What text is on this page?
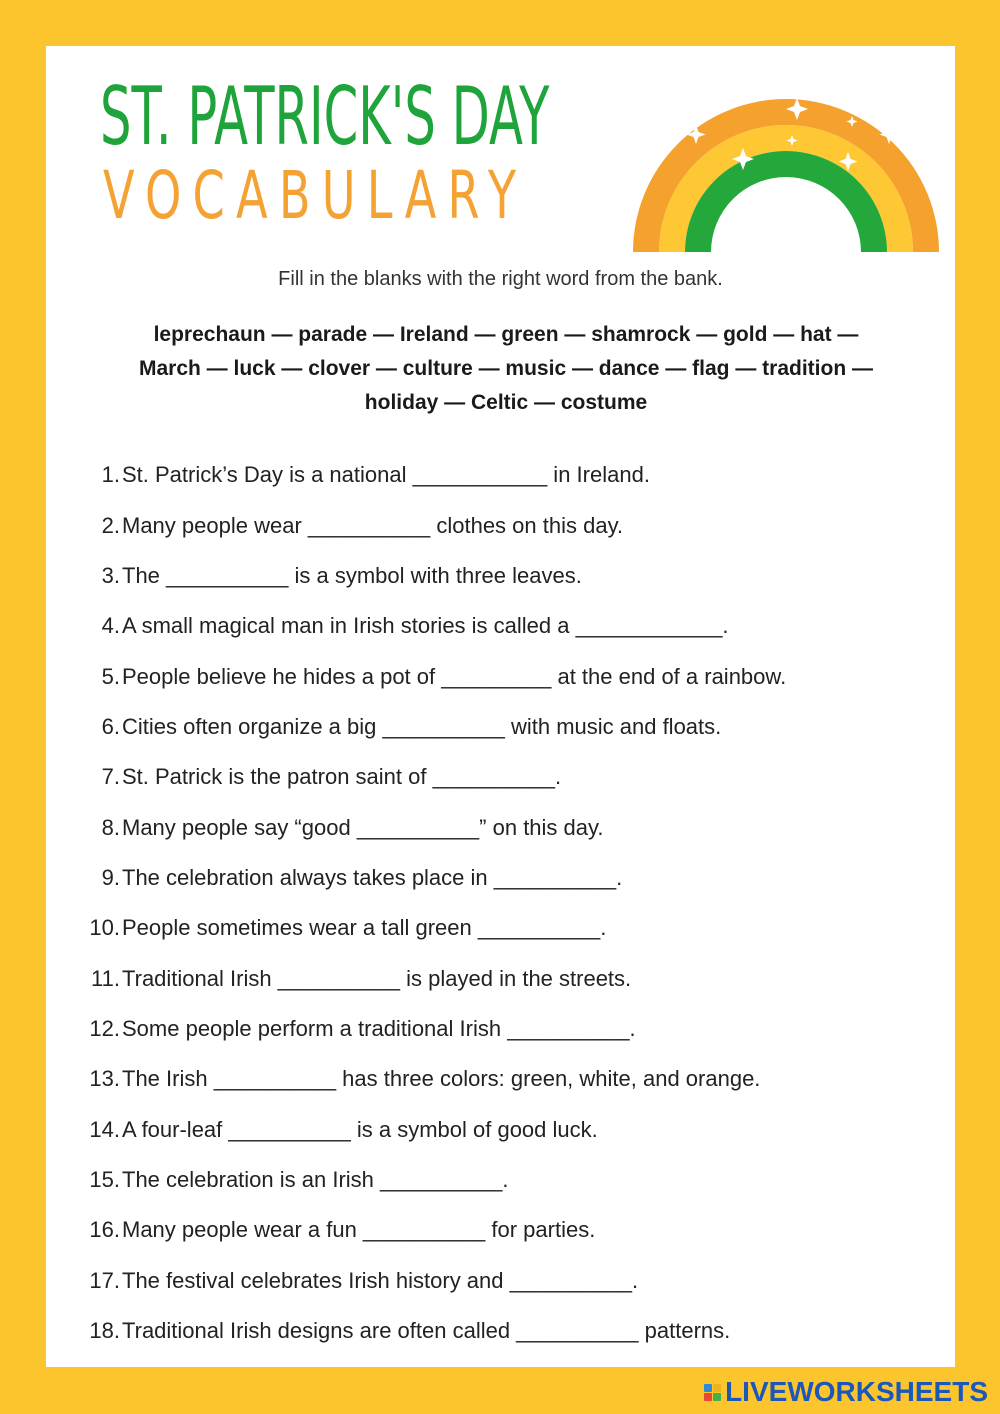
ST. PATRICK'S DAY
VOCABULARY
Fill in the blanks with the right word from the bank.
leprechaun — parade — Ireland — green — shamrock — gold — hat —
March — luck — clover — culture — music — dance — flag — tradition —
holiday — Celtic — costume
1. St. Patrick’s Day is a national ___________ in Ireland.
2. Many people wear __________ clothes on this day.
3. The __________ is a symbol with three leaves.
4. A small magical man in Irish stories is called a ____________.
5. People believe he hides a pot of _________ at the end of a rainbow.
6. Cities often organize a big __________ with music and floats.
7. St. Patrick is the patron saint of __________.
8. Many people say “good __________” on this day.
9. The celebration always takes place in __________.
10. People sometimes wear a tall green __________.
11. Traditional Irish __________ is played in the streets.
12. Some people perform a traditional Irish __________.
13. The Irish __________ has three colors: green, white, and orange.
14. A four-leaf __________ is a symbol of good luck.
15. The celebration is an Irish __________.
16. Many people wear a fun __________ for parties.
17. The festival celebrates Irish history and __________.
18. Traditional Irish designs are often called __________ patterns.
LIVEWORKSHEETS
